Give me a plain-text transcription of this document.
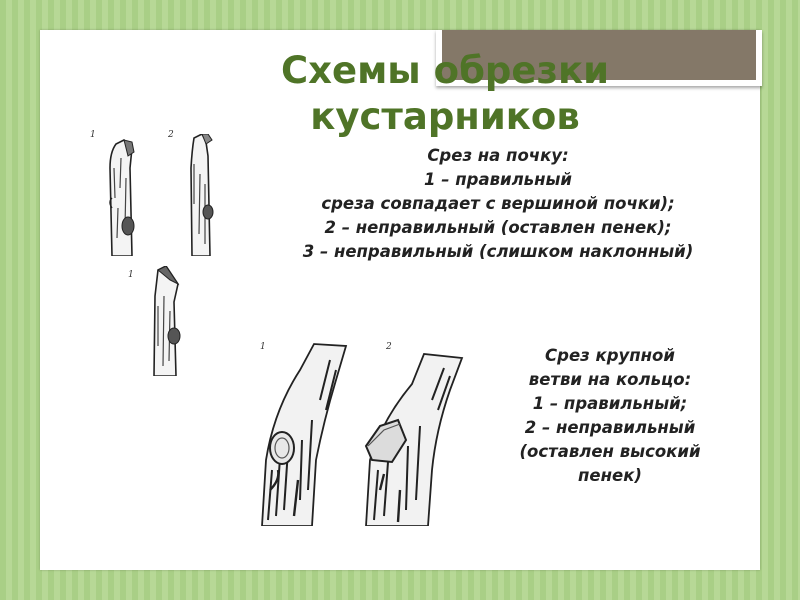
Схемы обрезки
кустарников
1	2
1
Срез на почку:
1 – правильный
среза совпадает с вершиной почки);
2 – неправильный (оставлен пенек);
3 – неправильный (слишком наклонный)
1	2	Срез крупной
ветви на кольцо:
1 – правильный;
2 – неправильный
(оставлен высокий
пенек)
